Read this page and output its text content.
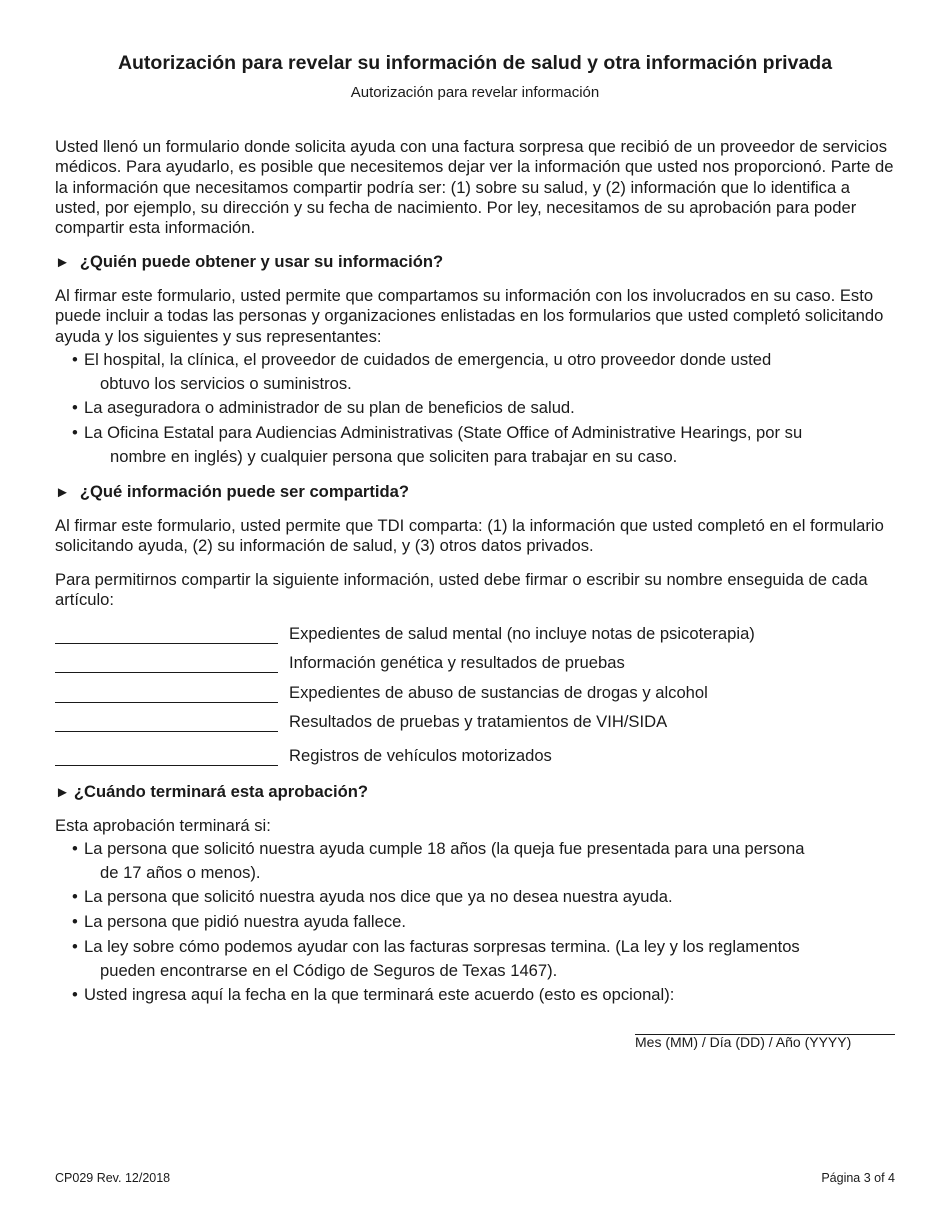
Autorización para revelar su información de salud y otra información privada

Autorización para revelar información

Usted llenó un formulario donde solicita ayuda con una factura sorpresa que recibió de un proveedor de servicios médicos. Para ayudarlo, es posible que necesitemos dejar ver la información que usted nos proporcionó. Parte de la información que necesitamos compartir podría ser: (1) sobre su salud, y (2) información que lo identifica a usted, por ejemplo, su dirección y su fecha de nacimiento. Por ley, necesitamos de su aprobación para poder compartir esta información.

► ¿Quién puede obtener y usar su información?

Al firmar este formulario, usted permite que compartamos su información con los involucrados en su caso. Esto puede incluir a todas las personas y organizaciones enlistadas en los formularios que usted completó solicitando ayuda y los siguientes y sus representantes:

• El hospital, la clínica, el proveedor de cuidados de emergencia, u otro proveedor donde usted
obtuvo los servicios o suministros.
• La aseguradora o administrador de su plan de beneficios de salud.
• La Oficina Estatal para Audiencias Administrativas (State Office of Administrative Hearings, por su
nombre en inglés) y cualquier persona que soliciten para trabajar en su caso.
► ¿Qué información puede ser compartida?

Al firmar este formulario, usted permite que TDI comparta: (1) la información que usted completó en el formulario solicitando ayuda, (2) su información de salud, y (3) otros datos privados.

Para permitirnos compartir la siguiente información, usted debe firmar o escribir su nombre enseguida de cada artículo:

Expedientes de salud mental (no incluye notas de psicoterapia)
Información genética y resultados de pruebas
Expedientes de abuso de sustancias de drogas y alcohol
Resultados de pruebas y tratamientos de VIH/SIDA
Registros de vehículos motorizados
► ¿Cuándo terminará esta aprobación?

Esta aprobación terminará si:

• La persona que solicitó nuestra ayuda cumple 18 años (la queja fue presentada para una persona
de 17 años o menos).
• La persona que solicitó nuestra ayuda nos dice que ya no desea nuestra ayuda.
• La persona que pidió nuestra ayuda fallece.
• La ley sobre cómo podemos ayudar con las facturas sorpresas termina. (La ley y los reglamentos
pueden encontrarse en el Código de Seguros de Texas 1467).
• Usted ingresa aquí la fecha en la que terminará este acuerdo (esto es opcional):
Mes (MM) / Día (DD) / Año (YYYY)
CP029 Rev. 12/2018	Página 3 of 4
